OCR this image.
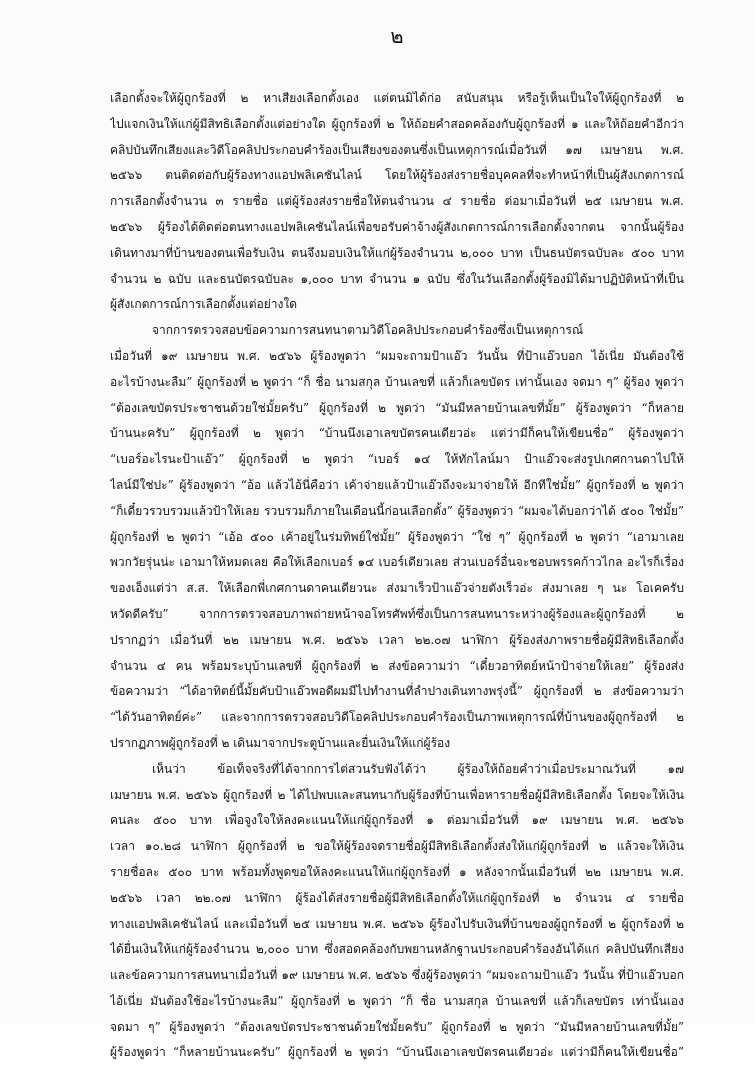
๒
เลือกตั้งจะให้ผู้ถูกร้องที่ ๒ หาเสียงเลือกตั้งเอง แต่ตนมิได้ก่อ สนับสนุน หรือรู้เห็นเป็นใจให้ผู้ถูกร้องที่ ๒
ไปแจกเงินให้แก่ผู้มีสิทธิเลือกตั้งแต่อย่างใด ผู้ถูกร้องที่ ๒ ให้ถ้อยคำสอดคล้องกับผู้ถูกร้องที่ ๑ และให้ถ้อยคำอีกว่า
คลิปบันทึกเสียงและวิดีโอคลิปประกอบคำร้องเป็นเสียงของตนซึ่งเป็นเหตุการณ์เมื่อวันที่ ๑๗ เมษายน พ.ศ.
๒๕๖๖ ตนติดต่อกับผู้ร้องทางแอปพลิเคชันไลน์ โดยให้ผู้ร้องส่งรายชื่อบุคคลที่จะทำหน้าที่เป็นผู้สังเกตการณ์
การเลือกตั้งจำนวน ๓ รายชื่อ แต่ผู้ร้องส่งรายชื่อให้ตนจำนวน ๔ รายชื่อ ต่อมาเมื่อวันที่ ๒๕ เมษายน พ.ศ.
๒๕๖๖ ผู้ร้องได้ติดต่อตนทางแอปพลิเคชันไลน์เพื่อขอรับค่าจ้างผู้สังเกตการณ์การเลือกตั้งจากตน จากนั้นผู้ร้อง
เดินทางมาที่บ้านของตนเพื่อรับเงิน ตนจึงมอบเงินให้แก่ผู้ร้องจำนวน ๒,๐๐๐ บาท เป็นธนบัตรฉบับละ ๕๐๐ บาท
จำนวน ๒ ฉบับ และธนบัตรฉบับละ ๑,๐๐๐ บาท จำนวน ๑ ฉบับ ซึ่งในวันเลือกตั้งผู้ร้องมิได้มาปฏิบัติหน้าที่เป็น
ผู้สังเกตการณ์การเลือกตั้งแต่อย่างใด
จากการตรวจสอบข้อความการสนทนาตามวิดีโอคลิปประกอบคำร้องซึ่งเป็นเหตุการณ์
เมื่อวันที่ ๑๙ เมษายน พ.ศ. ๒๕๖๖ ผู้ร้องพูดว่า “ผมจะถามป้าแอ๊ว วันนั้น ที่ป้าแอ๊วบอก ไอ้เนี่ย มันต้องใช้
อะไรบ้างนะลืม” ผู้ถูกร้องที่ ๒ พูดว่า “ก็ ชื่อ นามสกุล บ้านเลขที่ แล้วก็เลขบัตร เท่านั้นเอง จดมา ๆ” ผู้ร้อง พูดว่า
“ต้องเลขบัตรประชาชนด้วยใช่มั้ยครับ” ผู้ถูกร้องที่ ๒ พูดว่า “มันมีหลายบ้านเลขที่มั้ย” ผู้ร้องพูดว่า “ก็หลาย
บ้านนะครับ” ผู้ถูกร้องที่ ๒ พูดว่า “บ้านนึงเอาเลขบัตรคนเดียวอ่ะ แต่ว่ามีก็คนให้เขียนชื่อ” ผู้ร้องพูดว่า
“เบอร์อะไรนะป้าแอ๊ว” ผู้ถูกร้องที่ ๒ พูดว่า “เบอร์ ๑๔ ให้ทักไลน์มา ป้าแอ๊วจะส่งรูปเกศกานดาไปให้
ไลน์มีใช่ปะ” ผู้ร้องพูดว่า “อ้อ แล้วไอ้นี่คือว่า เค้าจ่ายแล้วป้าแอ๊วถึงจะมาจ่ายให้ อีกทีใช่มั้ย” ผู้ถูกร้องที่ ๒ พูดว่า
“ก็เดี๋ยวรวบรวมแล้วป้าให้เลย รวบรวมก็ภายในเดือนนี้ก่อนเลือกตั้ง” ผู้ร้องพูดว่า “ผมจะได้บอกว่าได้ ๕๐๐ ใช่มั้ย”
ผู้ถูกร้องที่ ๒ พูดว่า “เอ้อ ๕๐๐ เค้าอยู่ในร่มทิพย์ใช่มั้ย” ผู้ร้องพูดว่า “ใช่ ๆ” ผู้ถูกร้องที่ ๒ พูดว่า “เอามาเลย
พวกวัยรุ่นน่ะ เอามาให้หมดเลย คือให้เลือกเบอร์ ๑๔ เบอร์เดียวเลย ส่วนเบอร์อื่นจะชอบพรรคก้าวไกล อะไรก็เรื่อง
ของเอ็งแต่ว่า ส.ส. ให้เลือกพี่เกศกานดาคนเดียวนะ ส่งมาเร็วป้าแอ๊วจ่ายตังเร็วอ่ะ ส่งมาเลย ๆ นะ โอเคครับ
หวัดดีครับ” จากการตรวจสอบภาพถ่ายหน้าจอโทรศัพท์ซึ่งเป็นการสนทนาระหว่างผู้ร้องและผู้ถูกร้องที่ ๒
ปรากฏว่า เมื่อวันที่ ๒๒ เมษายน พ.ศ. ๒๕๖๖ เวลา ๒๒.๐๗ นาฬิกา ผู้ร้องส่งภาพรายชื่อผู้มีสิทธิเลือกตั้ง
จำนวน ๔ คน พร้อมระบุบ้านเลขที่ ผู้ถูกร้องที่ ๒ ส่งข้อความว่า “เดี๋ยวอาทิตย์หน้าป้าจ่ายให้เลย” ผู้ร้องส่ง
ข้อความว่า “ได้อาทิตย์นี้มั้ยคับป้าแอ๊วพอดีผมมีไปทำงานที่ลำปางเดินทางพรุ่งนี้” ผู้ถูกร้องที่ ๒ ส่งข้อความว่า
“ได้วันอาทิตย์ค่ะ” และจากการตรวจสอบวิดีโอคลิปประกอบคำร้องเป็นภาพเหตุการณ์ที่บ้านของผู้ถูกร้องที่ ๒
ปรากฏภาพผู้ถูกร้องที่ ๒ เดินมาจากประตูบ้านและยื่นเงินให้แก่ผู้ร้อง
เห็นว่า ข้อเท็จจริงที่ได้จากการไต่สวนรับฟังได้ว่า ผู้ร้องให้ถ้อยคำว่าเมื่อประมาณวันที่ ๑๗
เมษายน พ.ศ. ๒๕๖๖ ผู้ถูกร้องที่ ๒ ได้ไปพบและสนทนากับผู้ร้องที่บ้านเพื่อหารายชื่อผู้มีสิทธิเลือกตั้ง โดยจะให้เงิน
คนละ ๕๐๐ บาท เพื่อจูงใจให้ลงคะแนนให้แก่ผู้ถูกร้องที่ ๑ ต่อมาเมื่อวันที่ ๑๙ เมษายน พ.ศ. ๒๕๖๖
เวลา ๑๐.๒๘ นาฬิกา ผู้ถูกร้องที่ ๒ ขอให้ผู้ร้องจดรายชื่อผู้มีสิทธิเลือกตั้งส่งให้แก่ผู้ถูกร้องที่ ๒ แล้วจะให้เงิน
รายชื่อละ ๕๐๐ บาท พร้อมทั้งพูดขอให้ลงคะแนนให้แก่ผู้ถูกร้องที่ ๑ หลังจากนั้นเมื่อวันที่ ๒๒ เมษายน พ.ศ.
๒๕๖๖ เวลา ๒๒.๐๗ นาฬิกา ผู้ร้องได้ส่งรายชื่อผู้มีสิทธิเลือกตั้งให้แก่ผู้ถูกร้องที่ ๒ จำนวน ๔ รายชื่อ
ทางแอปพลิเคชันไลน์ และเมื่อวันที่ ๒๕ เมษายน พ.ศ. ๒๕๖๖ ผู้ร้องไปรับเงินที่บ้านของผู้ถูกร้องที่ ๒ ผู้ถูกร้องที่ ๒
ได้ยื่นเงินให้แก่ผู้ร้องจำนวน ๒,๐๐๐ บาท ซึ่งสอดคล้องกับพยานหลักฐานประกอบคำร้องอันได้แก่ คลิปบันทึกเสียง
และข้อความการสนทนาเมื่อวันที่ ๑๙ เมษายน พ.ศ. ๒๕๖๖ ซึ่งผู้ร้องพูดว่า “ผมจะถามป้าแอ๊ว วันนั้น ที่ป้าแอ๊วบอก
ไอ้เนี่ย มันต้องใช้อะไรบ้างนะลืม” ผู้ถูกร้องที่ ๒ พูดว่า “ก็ ชื่อ นามสกุล บ้านเลขที่ แล้วก็เลขบัตร เท่านั้นเอง
จดมา ๆ” ผู้ร้องพูดว่า “ต้องเลขบัตรประชาชนด้วยใช่มั้ยครับ” ผู้ถูกร้องที่ ๒ พูดว่า “มันมีหลายบ้านเลขที่มั้ย”
ผู้ร้องพูดว่า “ก็หลายบ้านนะครับ” ผู้ถูกร้องที่ ๒ พูดว่า “บ้านนึงเอาเลขบัตรคนเดียวอ่ะ แต่ว่ามีก็คนให้เขียนชื่อ”
